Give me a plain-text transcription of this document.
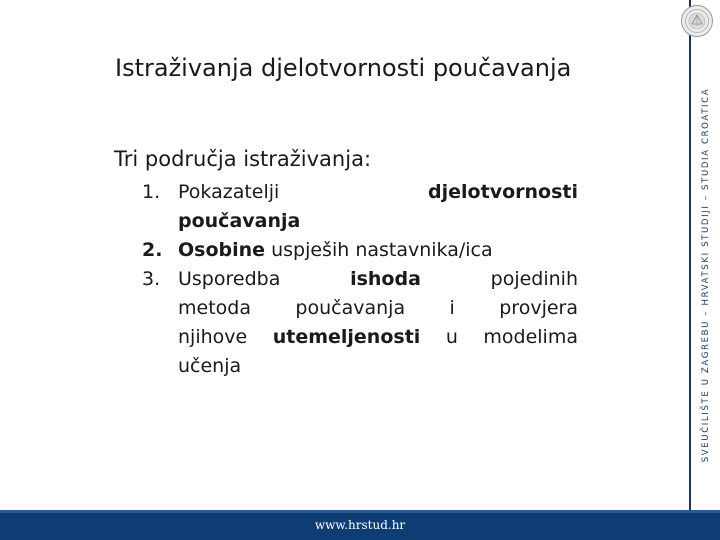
Istraživanja djelotvornosti poučavanja
Tri područja istraživanja:
1. Pokazatelji	djelotvornosti
poučavanja
2. Osobine uspješih nastavnika/ica
3. Usporedba	ishoda	pojedinih
metoda poučavanja i provjera
njihove utemeljenosti u modelima
učenja	SVEUČILIŠTE U ZAGREBU – HRVATSKI STUDIJI – STUDIA CROATICA
www.hrstud.hr
